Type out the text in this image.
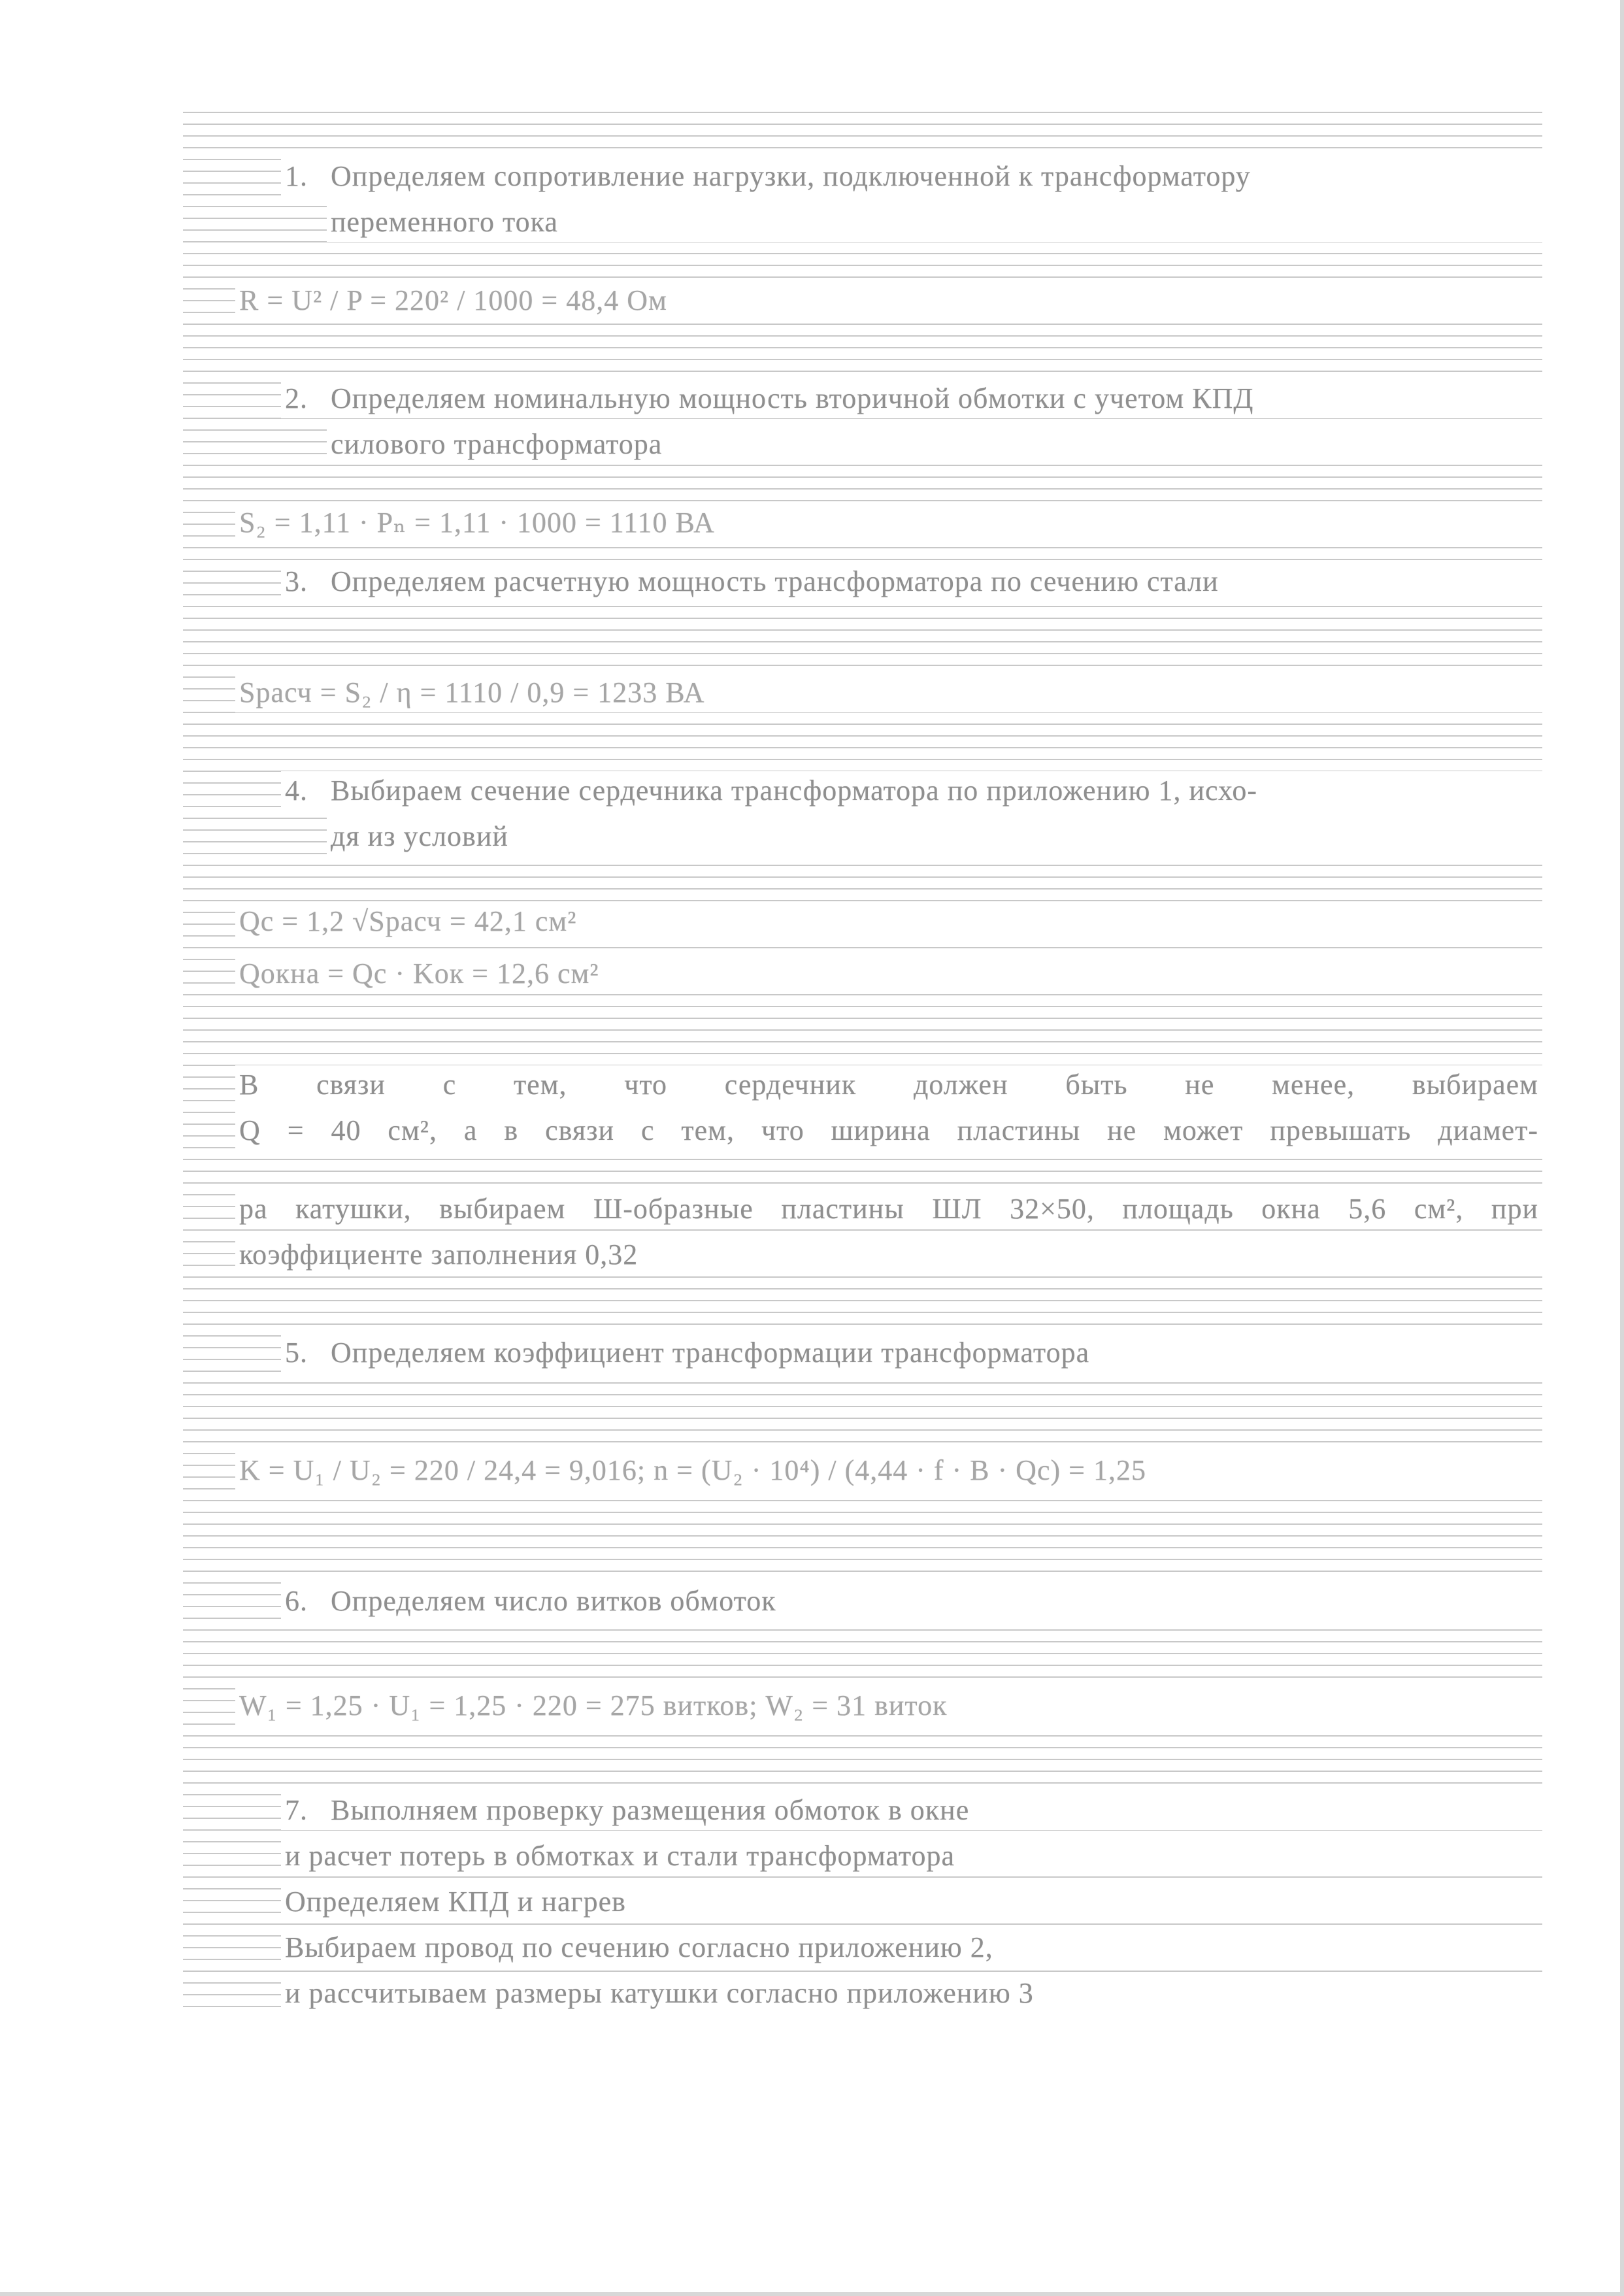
1. Определяем сопротивление нагрузки, подключенной к трансформатору
переменного тока
R = U² / P = 220² / 1000 = 48,4 Ом
2. Определяем номинальную мощность вторичной обмотки с учетом КПД
силового трансформатора
S₂ = 1,11 · Pₙ = 1,11 · 1000 = 1110 ВА
3. Определяем расчетную мощность трансформатора по сечению стали
Sрасч = S₂ / η = 1110 / 0,9 = 1233 ВА
4. Выбираем сечение сердечника трансформатора по приложению 1, исхо-
дя из условий
Qс = 1,2 √Sрасч = 42,1 см²
Qокна = Qс · Kок = 12,6 см²
В связи с тем, что сердечник должен быть не менее, выбираем
Q = 40 см², а в связи с тем, что ширина пластины не может превышать диамет-
ра катушки, выбираем Ш-образные пластины ШЛ 32×50, площадь окна 5,6 см², при
коэффициенте заполнения 0,32
5. Определяем коэффициент трансформации трансформатора
K = U₁ / U₂ = 220 / 24,4 = 9,016; n = (U₂ · 10⁴) / (4,44 · f · B · Qс) = 1,25
6. Определяем число витков обмоток
W₁ = 1,25 · U₁ = 1,25 · 220 = 275 витков; W₂ = 31 виток
7. Выполняем проверку размещения обмоток в окне
и расчет потерь в обмотках и стали трансформатора
Определяем КПД и нагрев
Выбираем провод по сечению согласно приложению 2,
и рассчитываем размеры катушки согласно приложению 3
